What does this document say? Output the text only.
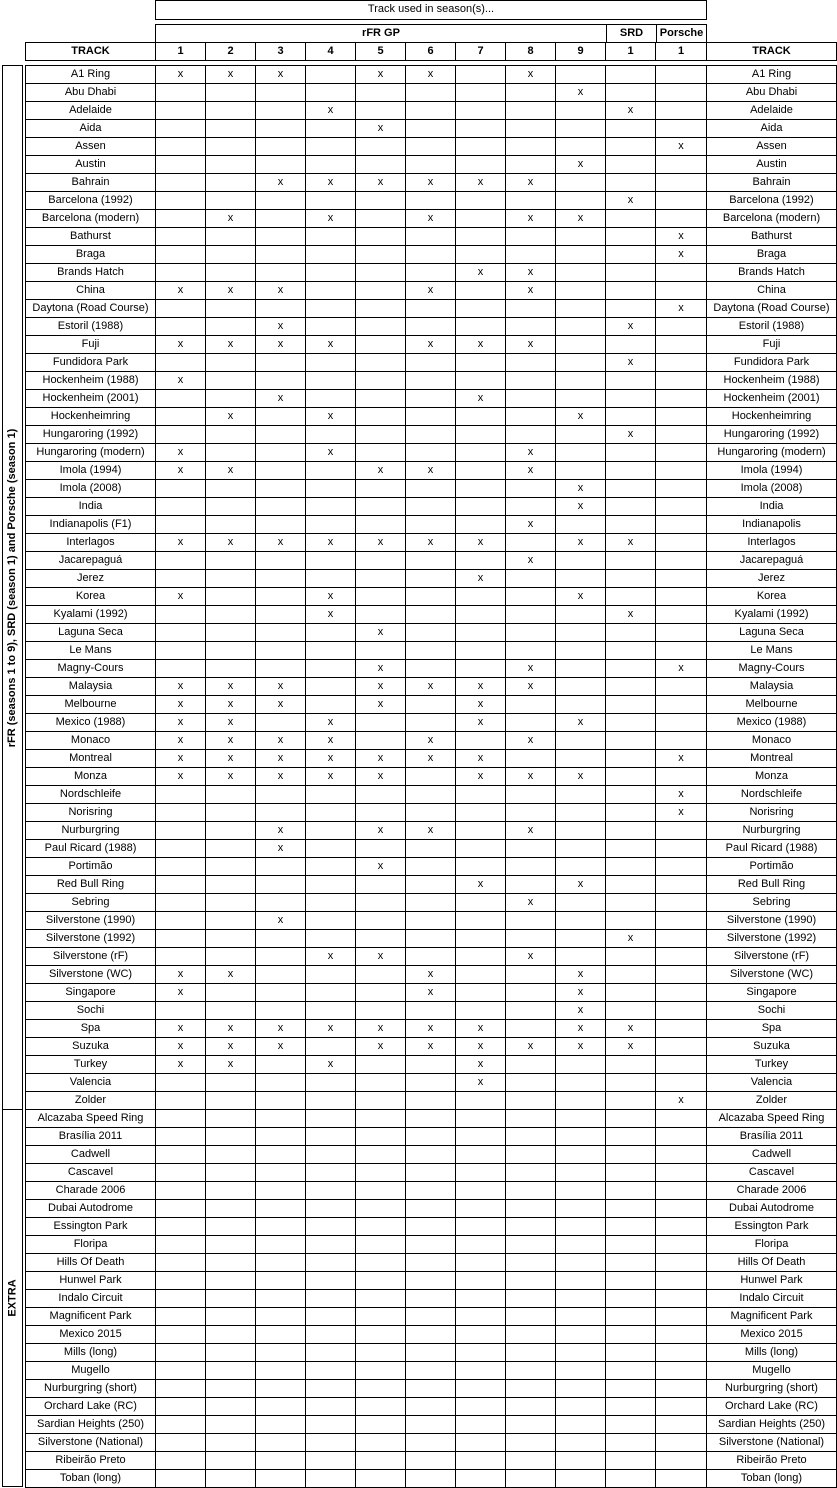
Track used in season(s)...
rFR GP	SRD	Porsche
TRACK	1	2	3	4	5	6	7	8	9	1	1	TRACK
rFR (seasons 1 to 9), SRD (season 1) and Porsche (season 1)
EXTRA
A1 Ring	x	x	x		x	x		x				A1 Ring
Abu Dhabi									x			Abu Dhabi
Adelaide				x						x		Adelaide
Aida					x							Aida
Assen											x	Assen
Austin									x			Austin
Bahrain			x	x	x	x	x	x				Bahrain
Barcelona (1992)										x		Barcelona (1992)
Barcelona (modern)		x		x		x		x	x			Barcelona (modern)
Bathurst											x	Bathurst
Braga											x	Braga
Brands Hatch							x	x				Brands Hatch
China	x	x	x			x		x				China
Daytona (Road Course)											x	Daytona (Road Course)
Estoril (1988)			x							x		Estoril (1988)
Fuji	x	x	x	x		x	x	x				Fuji
Fundidora Park										x		Fundidora Park
Hockenheim (1988)	x											Hockenheim (1988)
Hockenheim (2001)			x				x					Hockenheim (2001)
Hockenheimring		x		x					x			Hockenheimring
Hungaroring (1992)										x		Hungaroring (1992)
Hungaroring (modern)	x			x				x				Hungaroring (modern)
Imola (1994)	x	x			x	x		x				Imola (1994)
Imola (2008)									x			Imola (2008)
India									x			India
Indianapolis (F1)								x				Indianapolis
Interlagos	x	x	x	x	x	x	x		x	x		Interlagos
Jacarepaguá								x				Jacarepaguá
Jerez							x					Jerez
Korea	x			x					x			Korea
Kyalami (1992)				x						x		Kyalami (1992)
Laguna Seca					x							Laguna Seca
Le Mans												Le Mans
Magny-Cours					x			x			x	Magny-Cours
Malaysia	x	x	x		x	x	x	x				Malaysia
Melbourne	x	x	x		x		x					Melbourne
Mexico (1988)	x	x		x			x		x			Mexico (1988)
Monaco	x	x	x	x		x		x				Monaco
Montreal	x	x	x	x	x	x	x				x	Montreal
Monza	x	x	x	x	x		x	x	x			Monza
Nordschleife											x	Nordschleife
Norisring											x	Norisring
Nurburgring			x		x	x		x				Nurburgring
Paul Ricard (1988)			x									Paul Ricard (1988)
Portimão					x							Portimão
Red Bull Ring							x		x			Red Bull Ring
Sebring								x				Sebring
Silverstone (1990)			x									Silverstone (1990)
Silverstone (1992)										x		Silverstone (1992)
Silverstone (rF)				x	x			x				Silverstone (rF)
Silverstone (WC)	x	x				x			x			Silverstone (WC)
Singapore	x					x			x			Singapore
Sochi									x			Sochi
Spa	x	x	x	x	x	x	x		x	x		Spa
Suzuka	x	x	x		x	x	x	x	x	x		Suzuka
Turkey	x	x		x			x					Turkey
Valencia							x					Valencia
Zolder											x	Zolder
Alcazaba Speed Ring												Alcazaba Speed Ring
Brasília 2011												Brasília 2011
Cadwell												Cadwell
Cascavel												Cascavel
Charade 2006												Charade 2006
Dubai Autodrome												Dubai Autodrome
Essington Park												Essington Park
Floripa												Floripa
Hills Of Death												Hills Of Death
Hunwel Park												Hunwel Park
Indalo Circuit												Indalo Circuit
Magnificent Park												Magnificent Park
Mexico 2015												Mexico 2015
Mills (long)												Mills (long)
Mugello												Mugello
Nurburgring (short)												Nurburgring (short)
Orchard Lake (RC)												Orchard Lake (RC)
Sardian Heights (250)												Sardian Heights (250)
Silverstone (National)												Silverstone (National)
Ribeirão Preto												Ribeirão Preto
Toban (long)												Toban (long)
